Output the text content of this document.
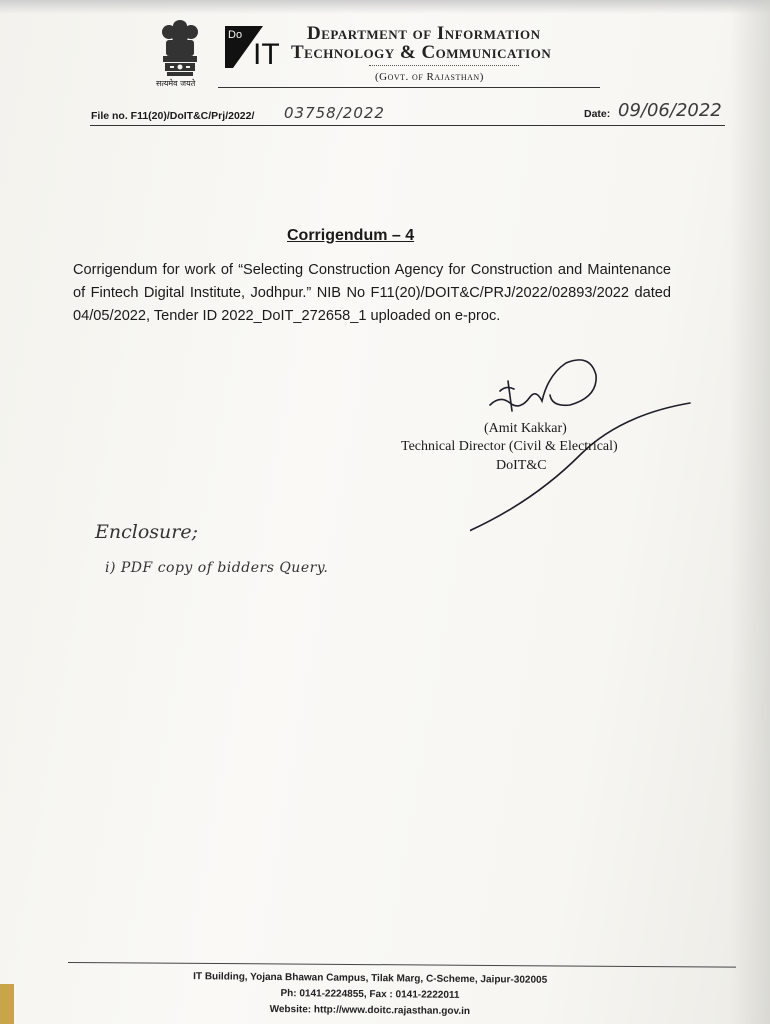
सत्यमेव जयते
Do
IT
Department of Information
Technology & Communication
(Govt. of Rajasthan)
File no. F11(20)/DoIT&C/Prj/2022/ 03758/2022	Date: 09/06/2022
Corrigendum – 4
Corrigendum for work of “Selecting Construction Agency for Construction and Maintenance of Fintech Digital Institute, Jodhpur.” NIB No F11(20)/DOIT&C/PRJ/2022/02893/2022 dated 04/05/2022, Tender ID 2022_DoIT_272658_1 uploaded on e-proc.
(Amit Kakkar)
Technical Director (Civil & Electrical)
DoIT&C
Enclosure;
i) PDF copy of bidders Query.
IT Building, Yojana Bhawan Campus, Tilak Marg, C-Scheme, Jaipur-302005
Ph: 0141-2224855, Fax : 0141-2222011
Website: http://www.doitc.rajasthan.gov.in
